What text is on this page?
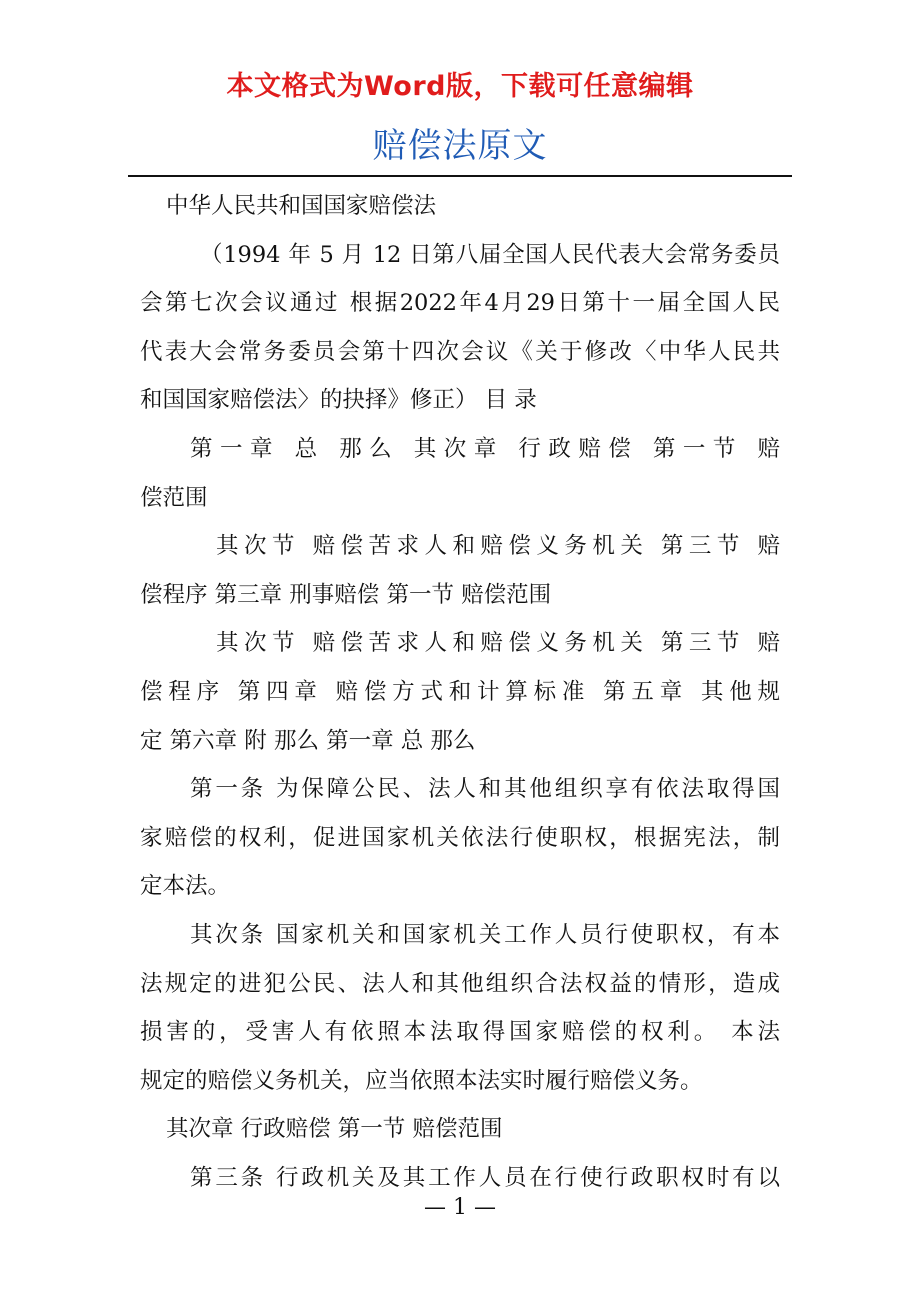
本文格式为Word版，下载可任意编辑
赔偿法原文
中华人民共和国国家赔偿法
（1994 年 5 月 12 日第八届全国人民代表大会常务委员
会第七次会议通过 根据2022年4月29日第十一届全国人民
代表大会常务委员会第十四次会议《关于修改〈中华人民共
和国国家赔偿法〉的抉择》修正） 目 录
第一章 总 那么 其次章 行政赔偿 第一节 赔
偿范围
其次节 赔偿苦求人和赔偿义务机关 第三节 赔
偿程序 第三章 刑事赔偿 第一节 赔偿范围
其次节 赔偿苦求人和赔偿义务机关 第三节 赔
偿程序 第四章 赔偿方式和计算标准 第五章 其他规
定 第六章 附 那么 第一章 总 那么
第一条 为保障公民、法人和其他组织享有依法取得国
家赔偿的权利，促进国家机关依法行使职权，根据宪法，制
定本法。
其次条 国家机关和国家机关工作人员行使职权，有本
法规定的进犯公民、法人和其他组织合法权益的情形，造成
损害的，受害人有依照本法取得国家赔偿的权利。 本法
规定的赔偿义务机关，应当依照本法实时履行赔偿义务。
其次章 行政赔偿 第一节 赔偿范围
第三条 行政机关及其工作人员在行使行政职权时有以
— 1 —
